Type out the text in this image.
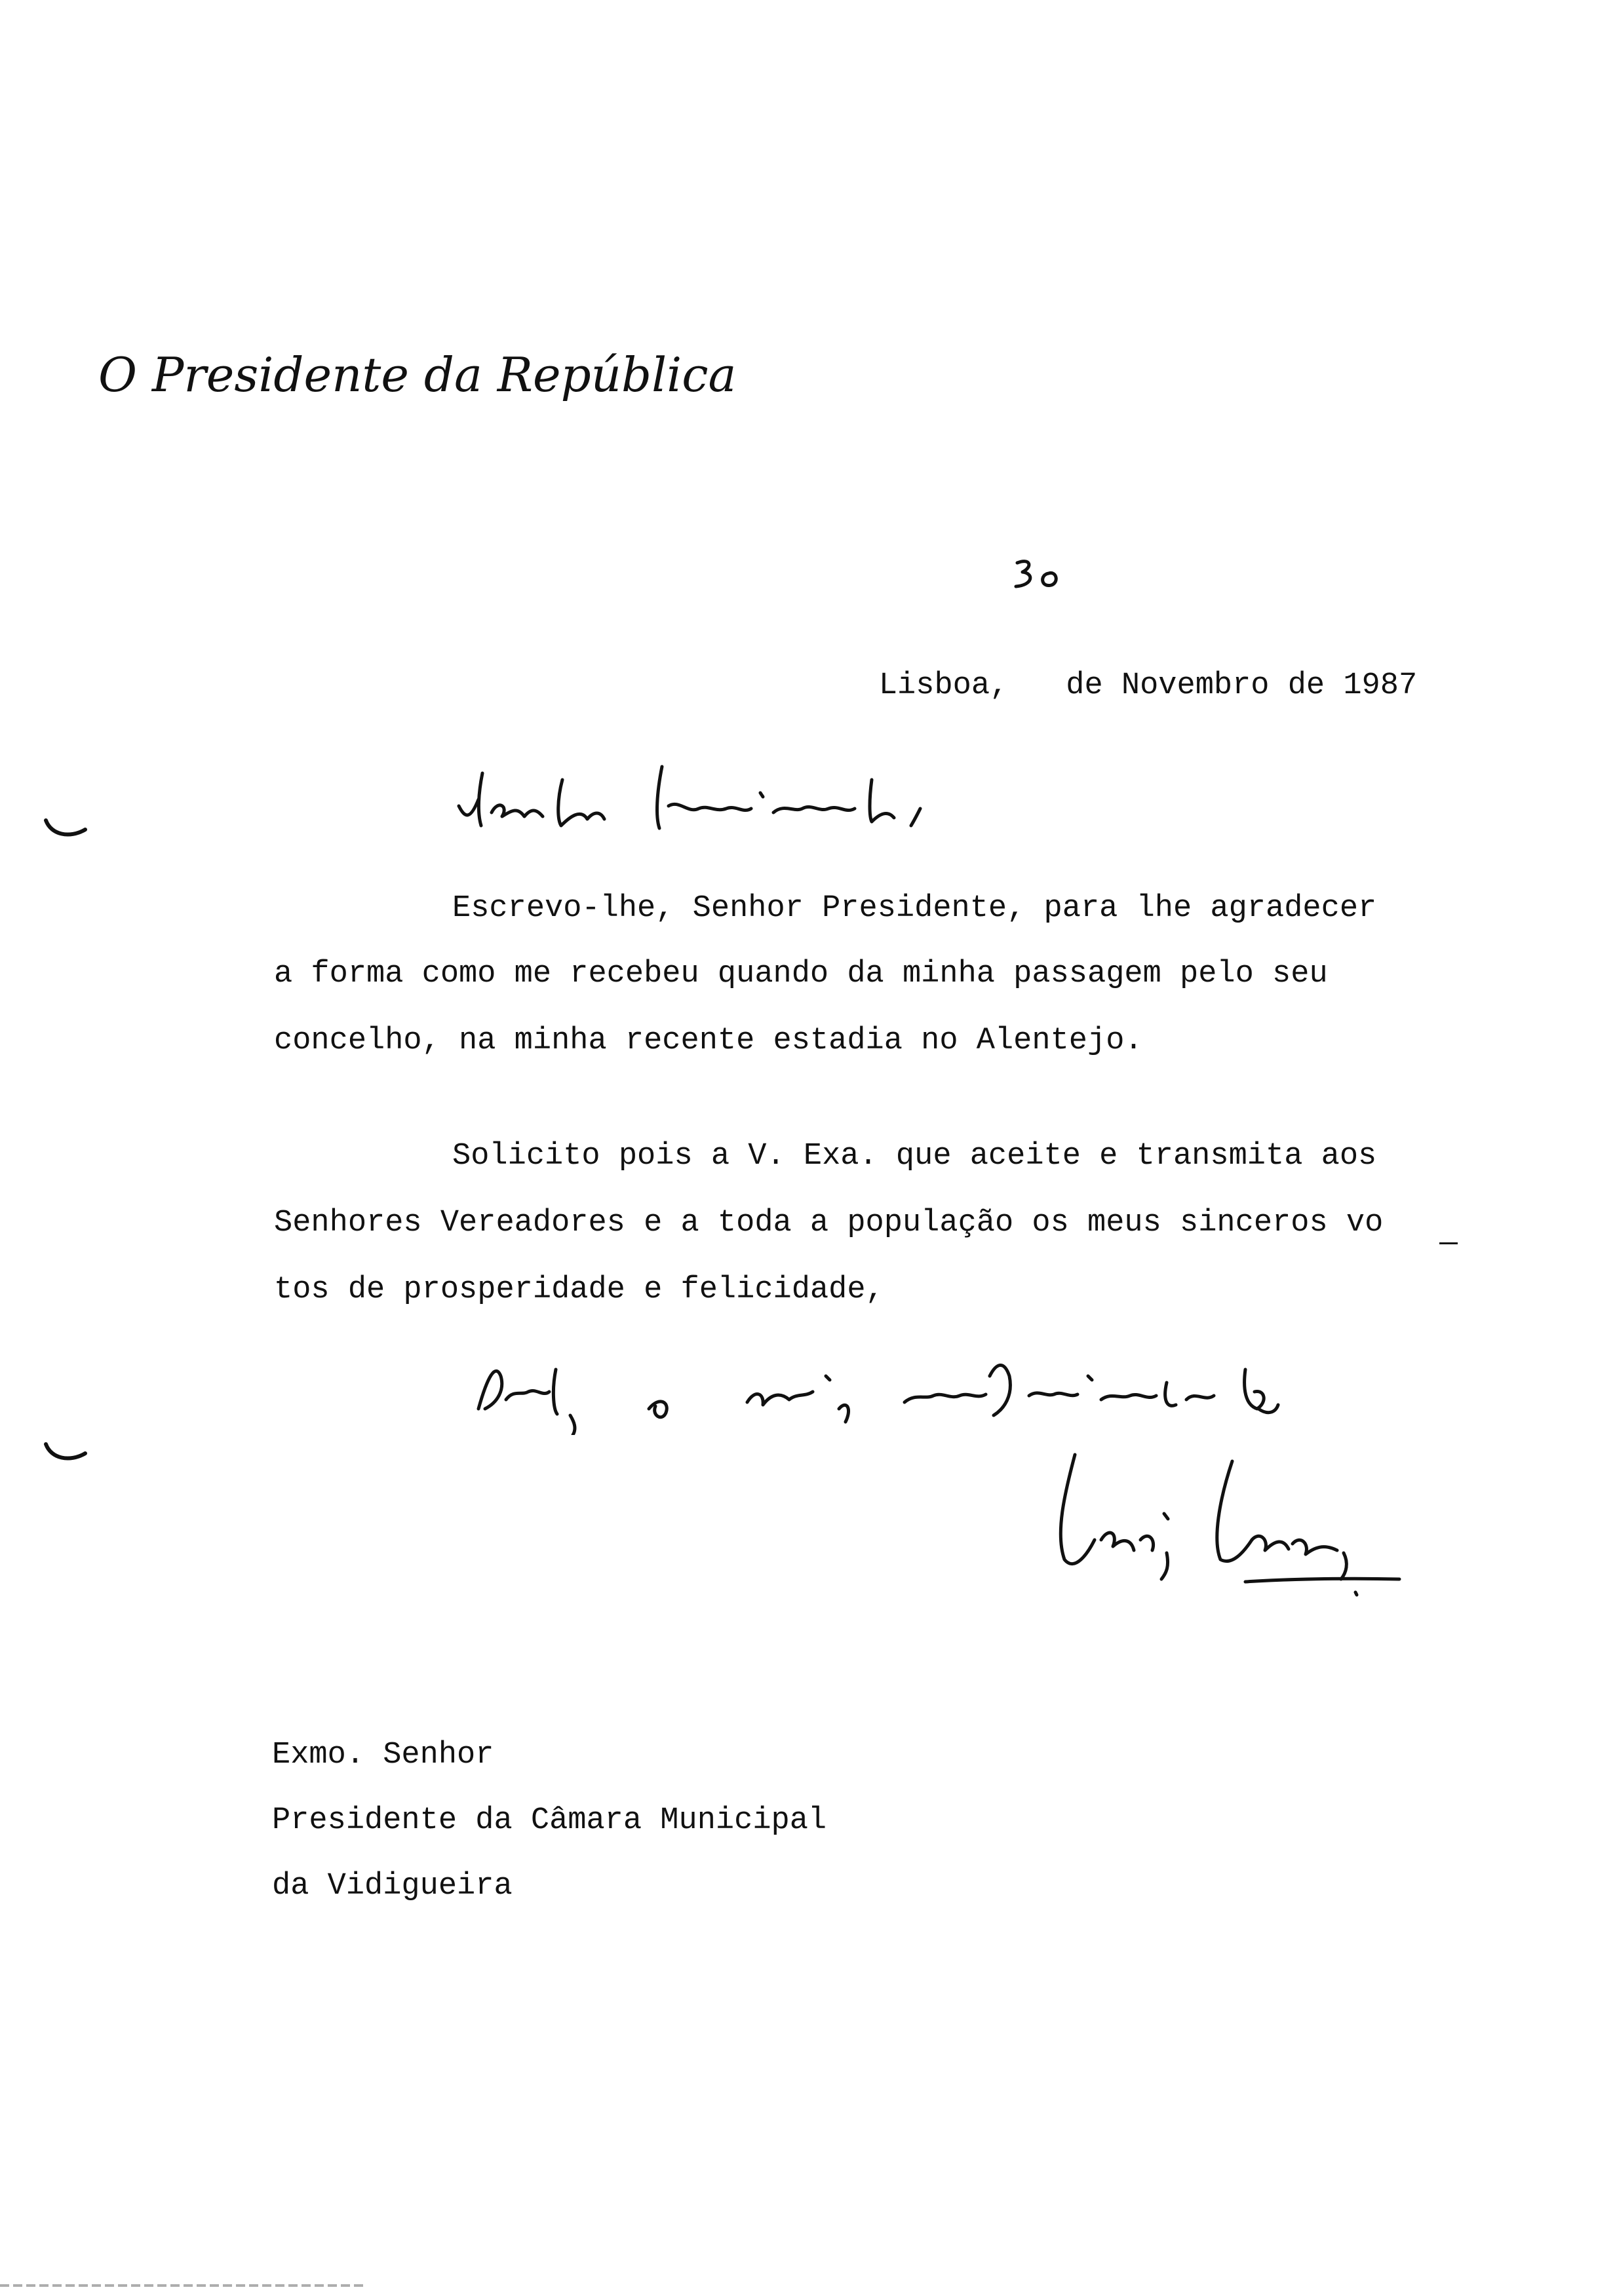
O Presidente da República

Lisboa,

de Novembro de 1987

Escrevo-lhe, Senhor Presidente, para lhe agradecer
a forma como me recebeu quando da minha passagem pelo seu
concelho, na minha recente estadia no Alentejo.
Solicito pois a V. Exa. que aceite e transmita aos
Senhores Vereadores e a toda a população os meus sinceros vo
tos de prosperidade e felicidade,
Exmo. Senhor
Presidente da Câmara Municipal
da Vidigueira
